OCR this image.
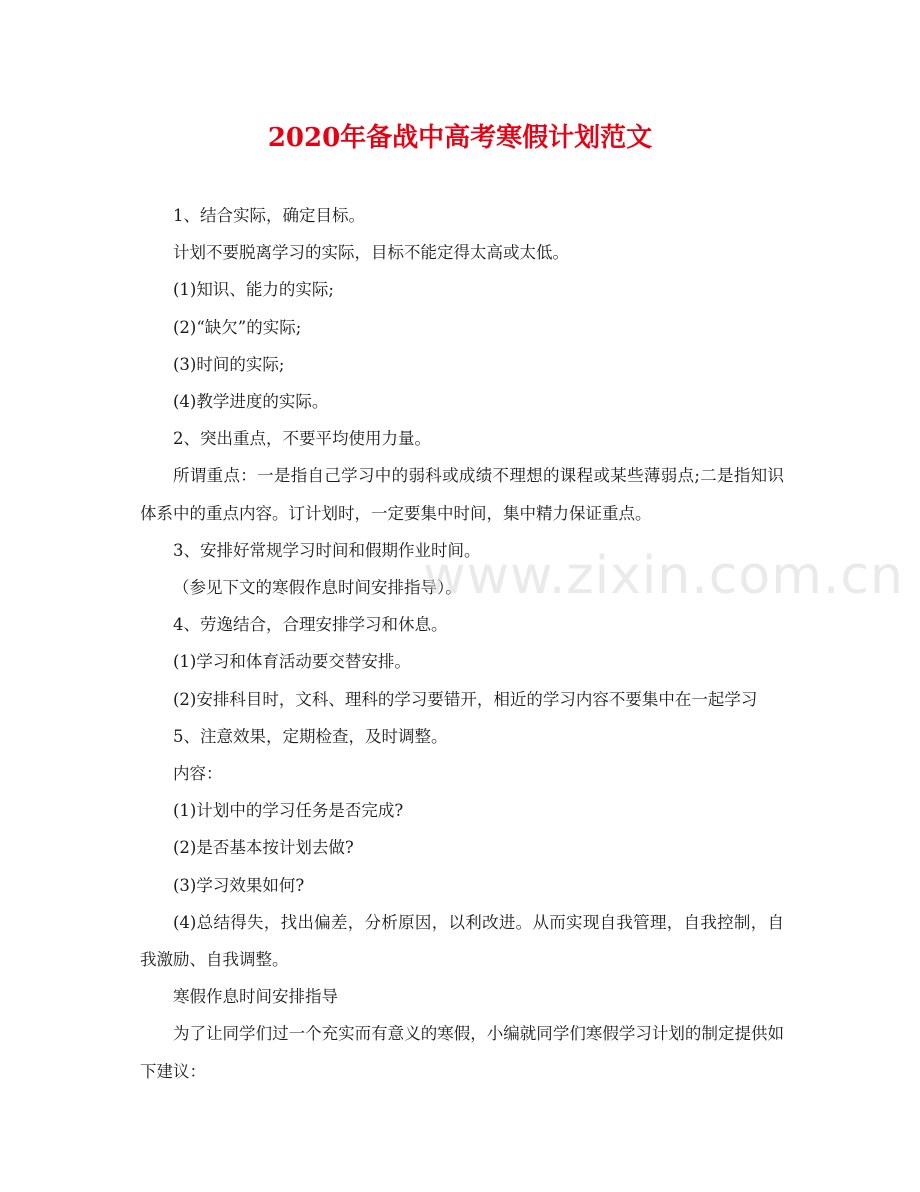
2020年备战中高考寒假计划范文

1、结合实际，确定目标。

计划不要脱离学习的实际，目标不能定得太高或太低。

(1)知识、能力的实际;

(2)“缺欠”的实际;

(3)时间的实际;

(4)教学进度的实际。

2、突出重点，不要平均使用力量。

所谓重点：一是指自己学习中的弱科或成绩不理想的课程或某些薄弱点;二是指知识体系中的重点内容。订计划时，一定要集中时间，集中精力保证重点。

3、安排好常规学习时间和假期作业时间。

（参见下文的寒假作息时间安排指导）。

4、劳逸结合，合理安排学习和休息。

(1)学习和体育活动要交替安排。

(2)安排科目时，文科、理科的学习要错开，相近的学习内容不要集中在一起学习

5、注意效果，定期检查，及时调整。

内容：

(1)计划中的学习任务是否完成?

(2)是否基本按计划去做?

(3)学习效果如何?

(4)总结得失，找出偏差，分析原因，以利改进。从而实现自我管理，自我控制，自我激励、自我调整。

寒假作息时间安排指导

为了让同学们过一个充实而有意义的寒假，小编就同学们寒假学习计划的制定提供如下建议：

www.zixin.com.cn
